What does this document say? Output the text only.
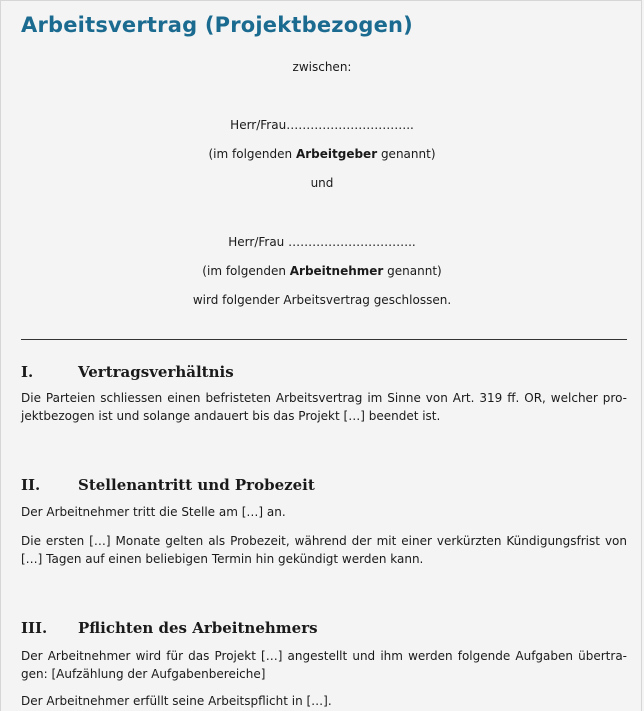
Arbeitsvertrag (Projektbezogen)
zwischen:
Herr/Frau…………………………..
(im folgenden Arbeitgeber genannt)
und
Herr/Frau …………………………..
(im folgenden Arbeitnehmer genannt)
wird folgender Arbeitsvertrag geschlossen.
I.	Vertragsverhältnis
Die Parteien schliessen einen befristeten Arbeitsvertrag im Sinne von Art. 319 ff. OR, welcher pro-
jektbezogen ist und solange andauert bis das Projekt […] beendet ist.
II.	Stellenantritt und Probezeit
Der Arbeitnehmer tritt die Stelle am […] an.
Die ersten […] Monate gelten als Probezeit, während der mit einer verkürzten Kündigungsfrist von
[…] Tagen auf einen beliebigen Termin hin gekündigt werden kann.
III. Pflichten des Arbeitnehmers
Der Arbeitnehmer wird für das Projekt […] angestellt und ihm werden folgende Aufgaben übertra-
gen: [Aufzählung der Aufgabenbereiche]
Der Arbeitnehmer erfüllt seine Arbeitspflicht in […].
